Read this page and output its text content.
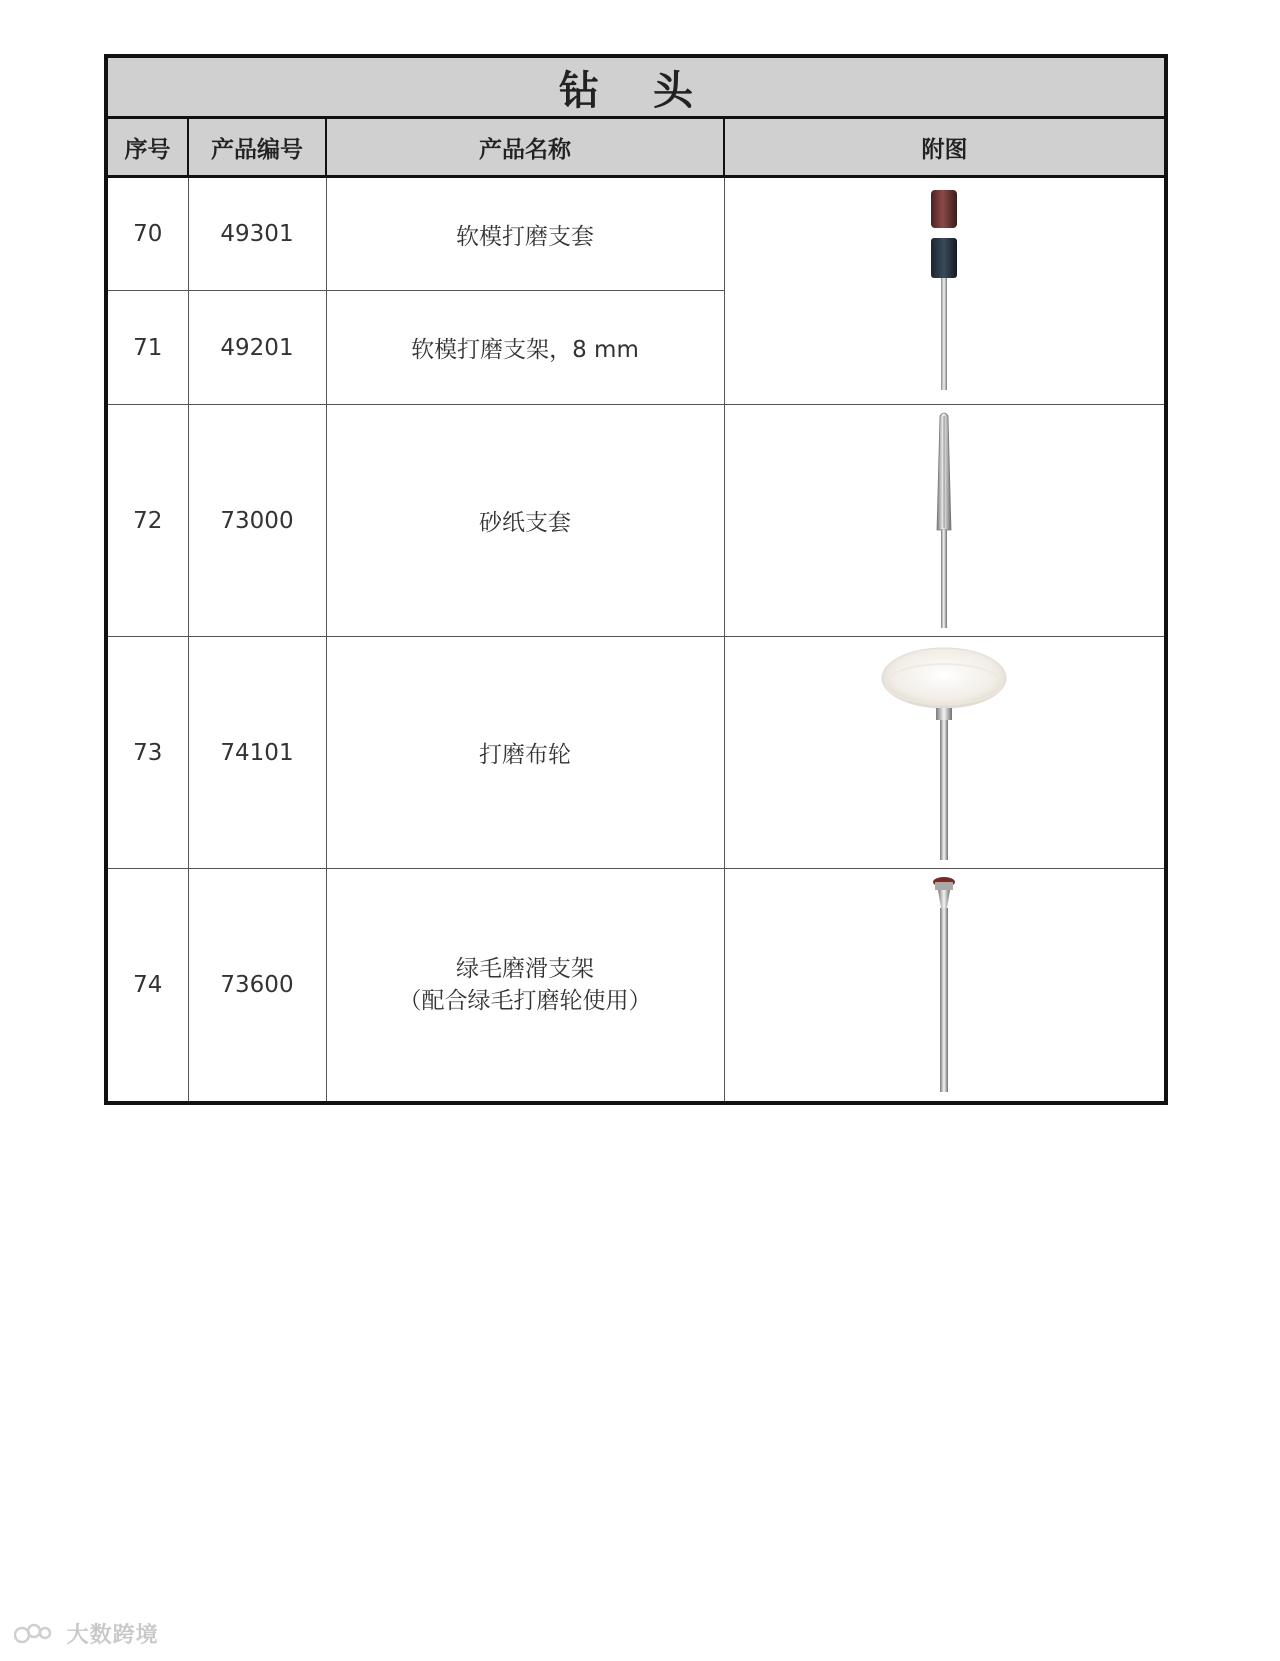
钻 头
序号	产品编号	产品名称	附图
70	49301	软模打磨支套	

71	49201	软模打磨支架，8 mm	
72	73000	砂纸支套	

73	74101	打磨布轮	

74	73600	绿毛磨滑支架
（配合绿毛打磨轮使用）

大数跨境
